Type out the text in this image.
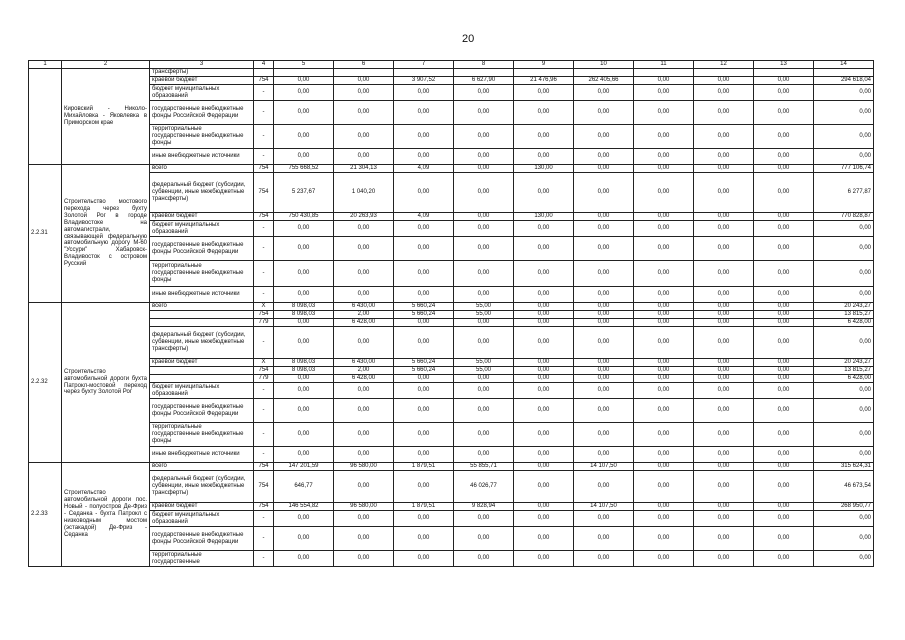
20
1	2	3	4	5	6	7	8	9	10	11	12	13	14

	Кировский - Николо-Михайловка - Яковлевка в Приморском крае	трансферты)											

		краевой бюджет	754	0,00	0,00	3 907,52	6 627,90	21 476,96	262 405,66	0,00	0,00	0,00	294 618,04

		бюджет муниципальных образований	-	0,00	0,00	0,00	0,00	0,00	0,00	0,00	0,00	0,00	0,00

		государственные внебюджетные фонды Российской Федерации	-	0,00	0,00	0,00	0,00	0,00	0,00	0,00	0,00	0,00	0,00

		территориальные государственные внебюджетные фонды	-	0,00	0,00	0,00	0,00	0,00	0,00	0,00	0,00	0,00	0,00

		иные внебюджетные источники	-	0,00	0,00	0,00	0,00	0,00	0,00	0,00	0,00	0,00	0,00
2.2.31	Строительство мостового перехода через бухту Золотой Рог в городе Владивостоке на автомагистрали, связывающей федеральную автомобильную дорогу М-60 "Уссури" Хабаровск-Владивосток с островом Русский	всего	754	755 668,52	21 304,13	4,09	0,00	130,00	0,00	0,00	0,00	0,00	777 106,74

		федеральный бюджет (субсидии, субвенции, иные межбюджетные трансферты)	754	5 237,67	1 040,20	0,00	0,00	0,00	0,00	0,00	0,00	0,00	6 277,87

		краевой бюджет	754	750 430,85	20 263,93	4,09	0,00	130,00	0,00	0,00	0,00	0,00	770 828,87

		бюджет муниципальных образований	-	0,00	0,00	0,00	0,00	0,00	0,00	0,00	0,00	0,00	0,00

		государственные внебюджетные фонды Российской Федерации	-	0,00	0,00	0,00	0,00	0,00	0,00	0,00	0,00	0,00	0,00

		территориальные государственные внебюджетные фонды	-	0,00	0,00	0,00	0,00	0,00	0,00	0,00	0,00	0,00	0,00

		иные внебюджетные источники	-	0,00	0,00	0,00	0,00	0,00	0,00	0,00	0,00	0,00	0,00
2.2.32	Строительство автомобильной дороги бухта Патрокл-мостовой переход через бухту Золотой Рог	всего	X	8 098,03	6 430,00	5 660,24	55,00	0,00	0,00	0,00	0,00	0,00	20 243,27

			754	8 098,03	2,00	5 660,24	55,00	0,00	0,00	0,00	0,00	0,00	13 815,27

			779	0,00	6 428,00	0,00	0,00	0,00	0,00	0,00	0,00	0,00	6 428,00

		федеральный бюджет (субсидии, субвенции, иные межбюджетные трансферты)	-	0,00	0,00	0,00	0,00	0,00	0,00	0,00	0,00	0,00	0,00

		краевой бюджет	X	8 098,03	6 430,00	5 660,24	55,00	0,00	0,00	0,00	0,00	0,00	20 243,27

			754	8 098,03	2,00	5 660,24	55,00	0,00	0,00	0,00	0,00	0,00	13 815,27

			779	0,00	6 428,00	0,00	0,00	0,00	0,00	0,00	0,00	0,00	6 428,00

		бюджет муниципальных образований	-	0,00	0,00	0,00	0,00	0,00	0,00	0,00	0,00	0,00	0,00

		государственные внебюджетные фонды Российской Федерации	-	0,00	0,00	0,00	0,00	0,00	0,00	0,00	0,00	0,00	0,00

		территориальные государственные внебюджетные фонды	-	0,00	0,00	0,00	0,00	0,00	0,00	0,00	0,00	0,00	0,00

		иные внебюджетные источники	-	0,00	0,00	0,00	0,00	0,00	0,00	0,00	0,00	0,00	0,00
2.2.33	Строительство автомобильной дороги пос. Новый - полуостров Де-Фриз - Седанка - бухта Патрокл с низководным мостом (эстакадой) Де-Фриз - Седанка	всего	754	147 201,59	96 580,00	1 879,51	55 855,71	0,00	14 107,50	0,00	0,00	0,00	315 624,31

		федеральный бюджет (субсидии, субвенции, иные межбюджетные трансферты)	754	646,77	0,00	0,00	46 026,77	0,00	0,00	0,00	0,00	0,00	46 673,54

		краевой бюджет	754	146 554,82	96 580,00	1 879,51	9 828,94	0,00	14 107,50	0,00	0,00	0,00	268 950,77

		бюджет муниципальных образований	-	0,00	0,00	0,00	0,00	0,00	0,00	0,00	0,00	0,00	0,00

		государственные внебюджетные фонды Российской Федерации	-	0,00	0,00	0,00	0,00	0,00	0,00	0,00	0,00	0,00	0,00

		территориальные государственные	-	0,00	0,00	0,00	0,00	0,00	0,00	0,00	0,00	0,00	0,00
